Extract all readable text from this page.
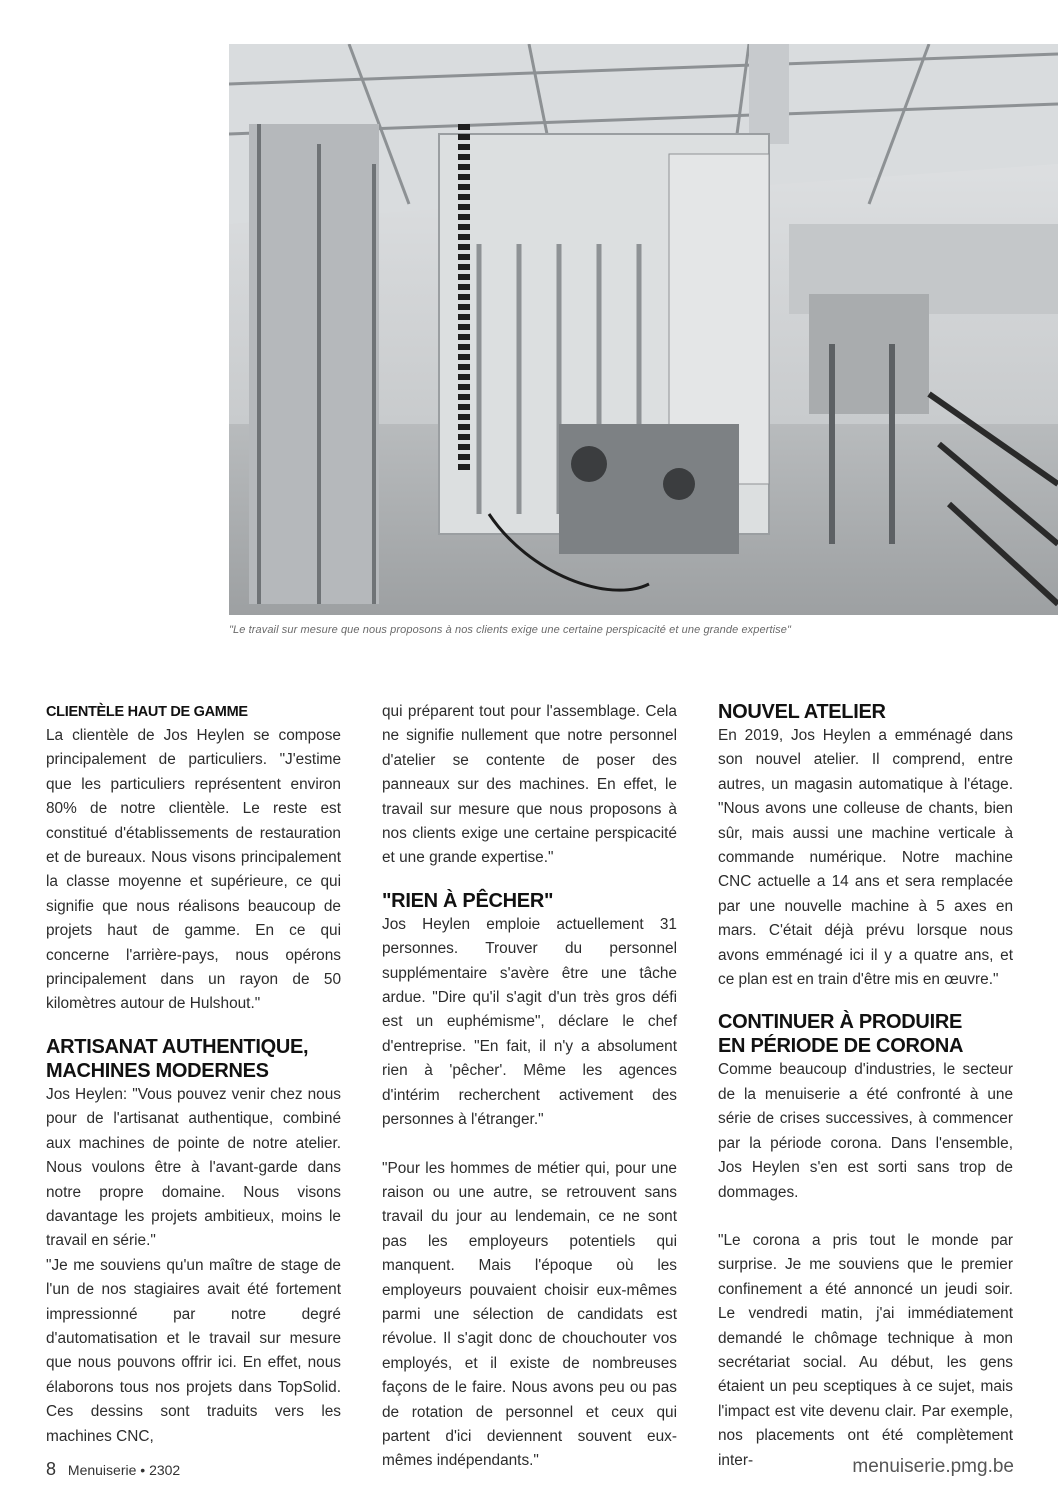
"Le travail sur mesure que nous proposons à nos clients exige une certaine perspicacité et une grande expertise"
CLIENTÈLE HAUT DE GAMME

La clientèle de Jos Heylen se compose principalement de particuliers. "J'estime que les particuliers représentent environ 80% de notre clientèle. Le reste est constitué d'établissements de restauration et de bureaux. Nous visons principalement la classe moyenne et supérieure, ce qui signifie que nous réalisons beaucoup de projets haut de gamme. En ce qui concerne l'arrière-pays, nous opérons principalement dans un rayon de 50 kilomètres autour de Hulshout."

ARTISANAT AUTHENTIQUE,
MACHINES MODERNES

Jos Heylen: "Vous pouvez venir chez nous pour de l'artisanat authentique, combiné aux machines de pointe de notre atelier. Nous voulons être à l'avant-garde dans notre propre domaine. Nous visons davantage les projets ambitieux, moins le travail en série."

"Je me souviens qu'un maître de stage de l'un de nos stagiaires avait été fortement impressionné par notre degré d'automatisation et le travail sur mesure que nous pouvons offrir ici. En effet, nous élaborons tous nos projets dans TopSolid. Ces dessins sont traduits vers les machines CNC,

qui préparent tout pour l'assemblage. Cela ne signifie nullement que notre personnel d'atelier se contente de poser des panneaux sur des machines. En effet, le travail sur mesure que nous proposons à nos clients exige une certaine perspicacité et une grande expertise."

"RIEN À PÊCHER"

Jos Heylen emploie actuellement 31 personnes. Trouver du personnel supplémentaire s'avère être une tâche ardue. "Dire qu'il s'agit d'un très gros défi est un euphémisme", déclare le chef d'entreprise. "En fait, il n'y a absolument rien à 'pêcher'. Même les agences d'intérim recherchent activement des personnes à l'étranger."

"Pour les hommes de métier qui, pour une raison ou une autre, se retrouvent sans travail du jour au lendemain, ce ne sont pas les employeurs potentiels qui manquent. Mais l'époque où les employeurs pouvaient choisir eux-mêmes parmi une sélection de candidats est révolue. Il s'agit donc de chouchouter vos employés, et il existe de nombreuses façons de le faire. Nous avons peu ou pas de rotation de personnel et ceux qui partent d'ici deviennent souvent eux-mêmes indépendants."

NOUVEL ATELIER

En 2019, Jos Heylen a emménagé dans son nouvel atelier. Il comprend, entre autres, un magasin automatique à l'étage. "Nous avons une colleuse de chants, bien sûr, mais aussi une machine verticale à commande numérique. Notre machine CNC actuelle a 14 ans et sera remplacée par une nouvelle machine à 5 axes en mars. C'était déjà prévu lorsque nous avons emménagé ici il y a quatre ans, et ce plan est en train d'être mis en œuvre."

CONTINUER À PRODUIRE
EN PÉRIODE DE CORONA

Comme beaucoup d'industries, le secteur de la menuiserie a été confronté à une série de crises successives, à commencer par la période corona. Dans l'ensemble, Jos Heylen s'en est sorti sans trop de dommages.

"Le corona a pris tout le monde par surprise. Je me souviens que le premier confinement a été annoncé un jeudi soir. Le vendredi matin, j'ai immédiatement demandé le chômage technique à mon secrétariat social. Au début, les gens étaient un peu sceptiques à ce sujet, mais l'impact est vite devenu clair. Par exemple, nos placements ont été complètement inter-

8 Menuiserie • 2302	menuiserie.pmg.be
